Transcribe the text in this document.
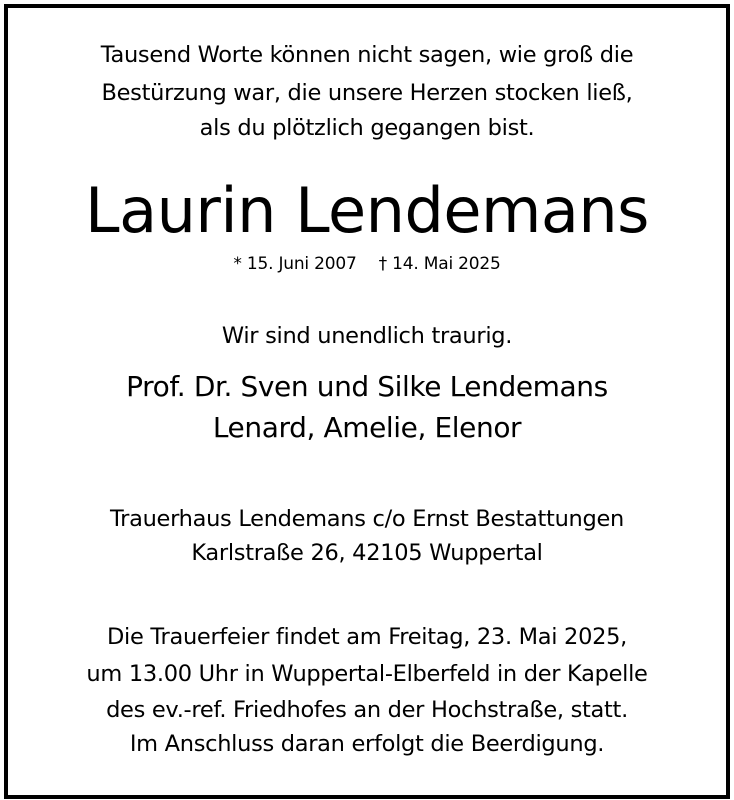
Tausend Worte können nicht sagen, wie groß die
Bestürzung war, die unsere Herzen stocken ließ,
als du plötzlich gegangen bist.
Laurin Lendemans
* 15. Juni 2007 † 14. Mai 2025
Wir sind unendlich traurig.
Prof. Dr. Sven und Silke Lendemans
Lenard, Amelie, Elenor
Trauerhaus Lendemans c/o Ernst Bestattungen
Karlstraße 26, 42105 Wuppertal
Die Trauerfeier findet am Freitag, 23. Mai 2025,
um 13.00 Uhr in Wuppertal-Elberfeld in der Kapelle
des ev.-ref. Friedhofes an der Hochstraße, statt.
Im Anschluss daran erfolgt die Beerdigung.
